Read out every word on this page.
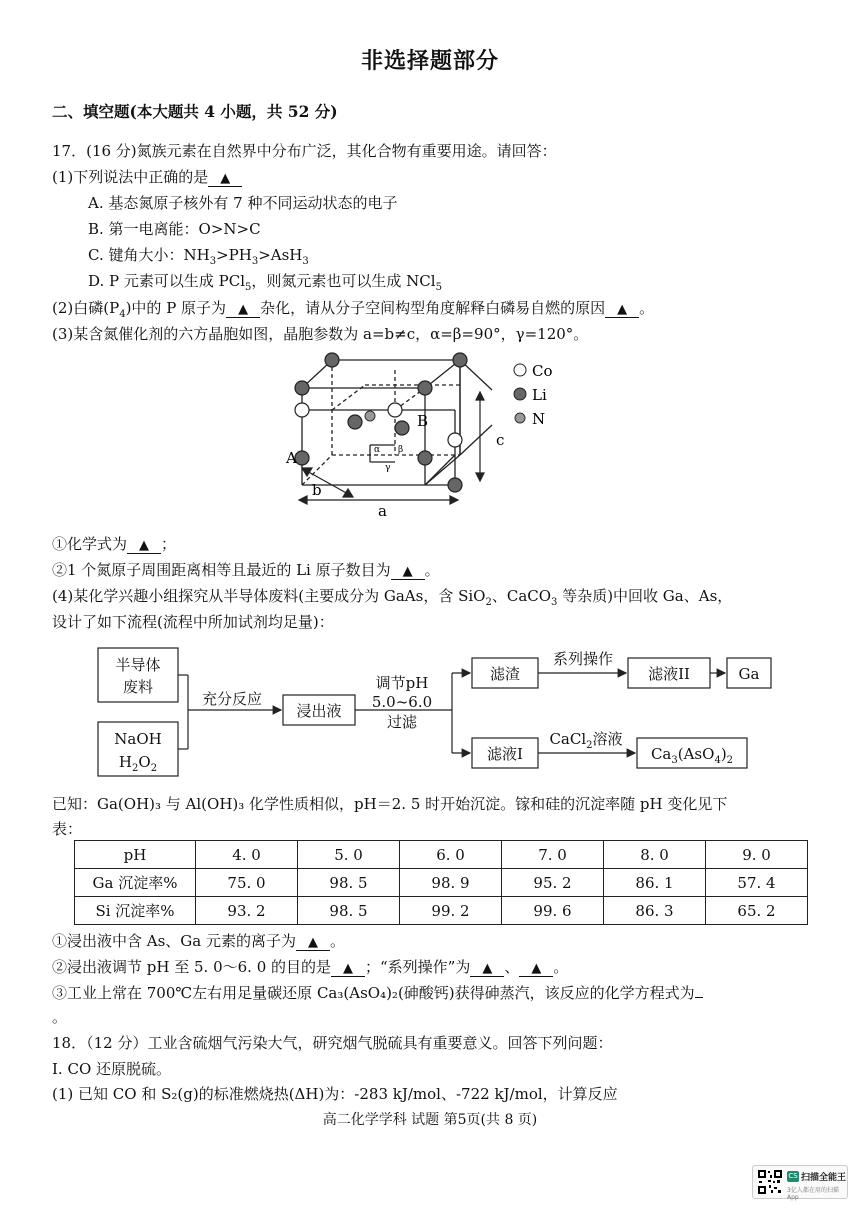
非选择题部分
二、填空题(本大题共 4 小题，共 52 分)
17．(16 分)氮族元素在自然界中分布广泛，其化合物有重要用途。请回答：
(1)下列说法中正确的是 ▲
A. 基态氮原子核外有 7 种不同运动状态的电子
B. 第一电离能：O>N>C
C. 键角大小：$NH_3>PH_3>AsH_3$
D. P 元素可以生成 PCl$_5$，则氮元素也可以生成 NCl$_5$
(2)白磷$(P_4)$中的 P 原子为 ▲ 杂化，请从分子空间构型角度解释白磷易自燃的原因 ▲ 。
(3)某含氮催化剂的六方晶胞如图，晶胞参数为 a=b≠c，α=β=90°，γ=120°。
A
B
a
b
c
α β
γ
Co
Li
N
①化学式为 ▲ ；
②1 个氮原子周围距离相等且最近的 Li 原子数目为 ▲ 。
(4)某化学兴趣小组探究从半导体废料(主要成分为 GaAs，含 SiO$_2$、CaCO$_3$ 等杂质)中回收 Ga、As，
设计了如下流程(流程中所加试剂均足量)：
半导体
废料
NaOH
$H_2O_2$
充分反应
浸出液
调节pH
5.0~6.0
过滤
滤渣
系列操作
滤液II	Ga
滤液I
CaCl$_2$溶液
$Ca_3(AsO_4)_2$
已知：Ga(OH)₃ 与 Al(OH)₃ 化学性质相似，pH＝2. 5 时开始沉淀。镓和硅的沉淀率随 pH 变化见下
表：
pH	4. 0	5. 0	6. 0	7. 0	8. 0	9. 0
Ga 沉淀率%	75. 0	98. 5	98. 9	95. 2	86. 1	57. 4
Si 沉淀率%	93. 2	98. 5	99. 2	99. 6	86. 3	65. 2
①浸出液中含 As、Ga 元素的离子为 ▲ 。
②浸出液调节 pH 至 5. 0～6. 0 的目的是 ▲ ；“系列操作”为 ▲ 、 ▲ 。
③工业上常在 700℃左右用足量碳还原 Ca₃(AsO₄)₂(砷酸钙)获得砷蒸汽，该反应的化学方程式为
。
18．（12 分）工业含硫烟气污染大气，研究烟气脱硫具有重要意义。回答下列问题：
I. CO 还原脱硫。
(1) 已知 CO 和 S₂(g)的标准燃烧热(ΔH)为：-283 kJ/mol、-722 kJ/mol，计算反应
高二化学学科 试题 第5页(共 8 页)
CS 扫描全能王
3亿人都在用的扫描App
